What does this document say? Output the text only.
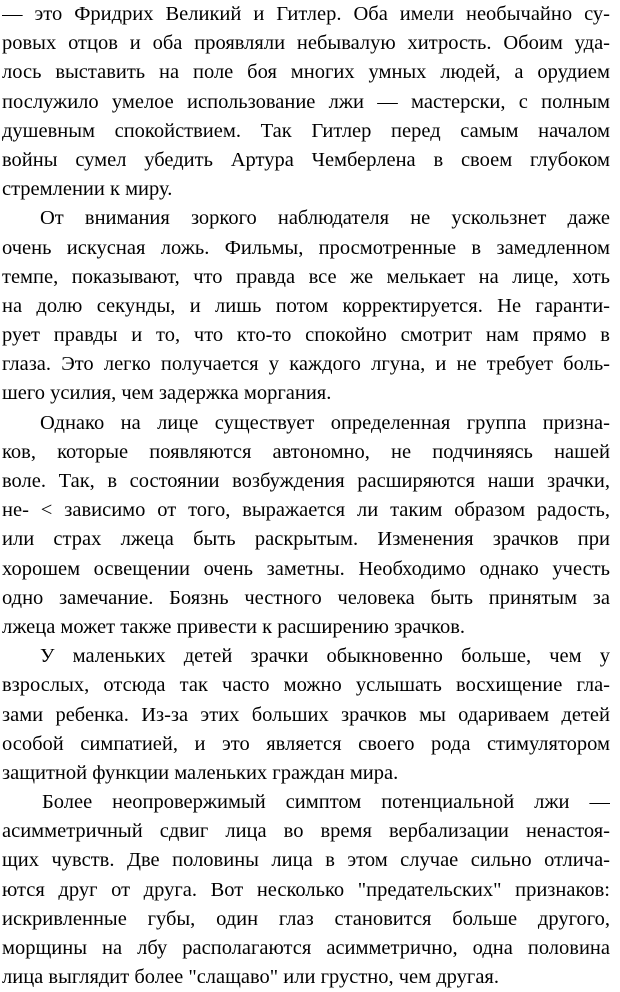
— это Фридрих Великий и Гитлер. Оба имели необычайно су-
ровых отцов и оба проявляли небывалую хитрость. Обоим уда-
лось выставить на поле боя многих умных людей, а орудием
послужило умелое использование лжи — мастерски, с полным
душевным спокойствием. Так Гитлер перед самым началом
войны сумел убедить Артура Чемберлена в своем глубоком
стремлении к миру.
От внимания зоркого наблюдателя не ускользнет даже
очень искусная ложь. Фильмы, просмотренные в замедленном
темпе, показывают, что правда все же мелькает на лице, хоть
на долю секунды, и лишь потом корректируется. Не гаранти-
рует правды и то, что кто-то спокойно смотрит нам прямо в
глаза. Это легко получается у каждого лгуна, и не требует боль-
шего усилия, чем задержка моргания.
Однако на лице существует определенная группа призна-
ков, которые появляются автономно, не подчиняясь нашей
воле. Так, в состоянии возбуждения расширяются наши зрачки,
не- < зависимо от того, выражается ли таким образом радость,
или страх лжеца быть раскрытым. Изменения зрачков при
хорошем освещении очень заметны. Необходимо однако учесть
одно замечание. Боязнь честного человека быть принятым за
лжеца может также привести к расширению зрачков.
У маленьких детей зрачки обыкновенно больше, чем у
взрослых, отсюда так часто можно услышать восхищение гла-
зами ребенка. Из-за этих больших зрачков мы одариваем детей
особой симпатией, и это является своего рода стимулятором
защитной функции маленьких граждан мира.
Более неопровержимый симптом потенциальной лжи —
асимметричный сдвиг лица во время вербализации ненастоя-
щих чувств. Две половины лица в этом случае сильно отлича-
ются друг от друга. Вот несколько "предательских" признаков:
искривленные губы, один глаз становится больше другого,
морщины на лбу располагаются асимметрично, одна половина
лица выглядит более "слащаво" или грустно, чем другая.
